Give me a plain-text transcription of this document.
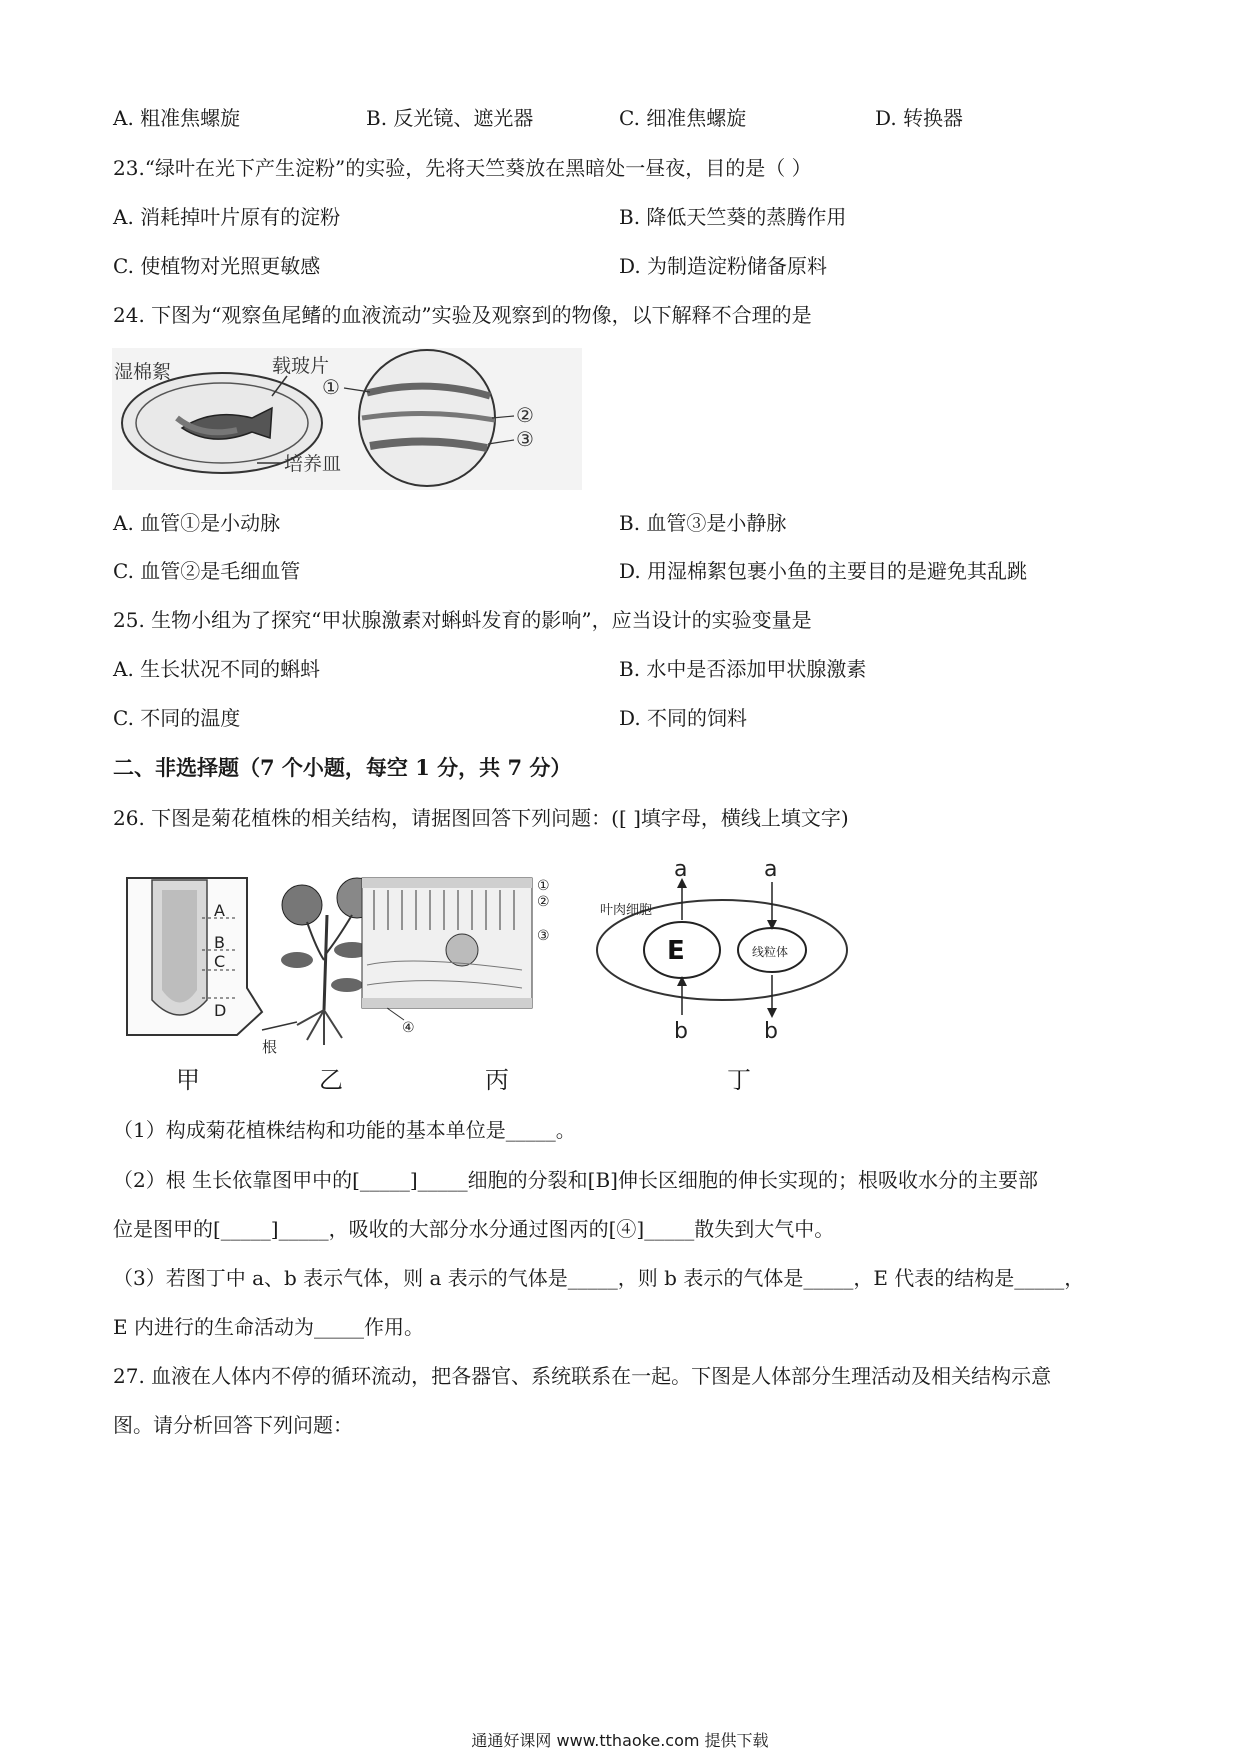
A. 粗准焦螺旋	B. 反光镜、遮光器	C. 细准焦螺旋	D. 转换器
23.“绿叶在光下产生淀粉”的实验，先将天竺葵放在黑暗处一昼夜，目的是（ ）
A. 消耗掉叶片原有的淀粉	B. 降低天竺葵的蒸腾作用
C. 使植物对光照更敏感	D. 为制造淀粉储备原料
24. 下图为“观察鱼尾鳍的血液流动”实验及观察到的物像，以下解释不合理的是
湿棉絮	载玻片
培养皿
①
②
③
A. 血管①是小动脉	B. 血管③是小静脉
C. 血管②是毛细血管	D. 用湿棉絮包裹小鱼的主要目的是避免其乱跳
25. 生物小组为了探究“甲状腺激素对蝌蚪发育的影响”，应当设计的实验变量是
A. 生长状况不同的蝌蚪	B. 水中是否添加甲状腺激素
C. 不同的温度	D. 不同的饲料
二、非选择题（7 个小题，每空 1 分，共 7 分）
26. 下图是菊花植株的相关结构，请据图回答下列问题：([ ]填字母，横线上填文字)
A
B
C
D
根
①
②
③
④
E	线粒体
叶肉细胞
a	a
b	b
甲	乙	丙	丁
（1）构成菊花植株结构和功能的基本单位是_____。
（2）根 生长依靠图甲中的[_____]_____细胞的分裂和[B]伸长区细胞的伸长实现的；根吸收水分的主要部
位是图甲的[_____]_____，吸收的大部分水分通过图丙的[④]_____散失到大气中。
（3）若图丁中 a、b 表示气体，则 a 表示的气体是_____，则 b 表示的气体是_____，E 代表的结构是_____，
E 内进行的生命活动为_____作用。
27. 血液在人体内不停的循环流动，把各器官、系统联系在一起。下图是人体部分生理活动及相关结构示意
图。请分析回答下列问题：
通通好课网 www.tthaoke.com 提供下载
